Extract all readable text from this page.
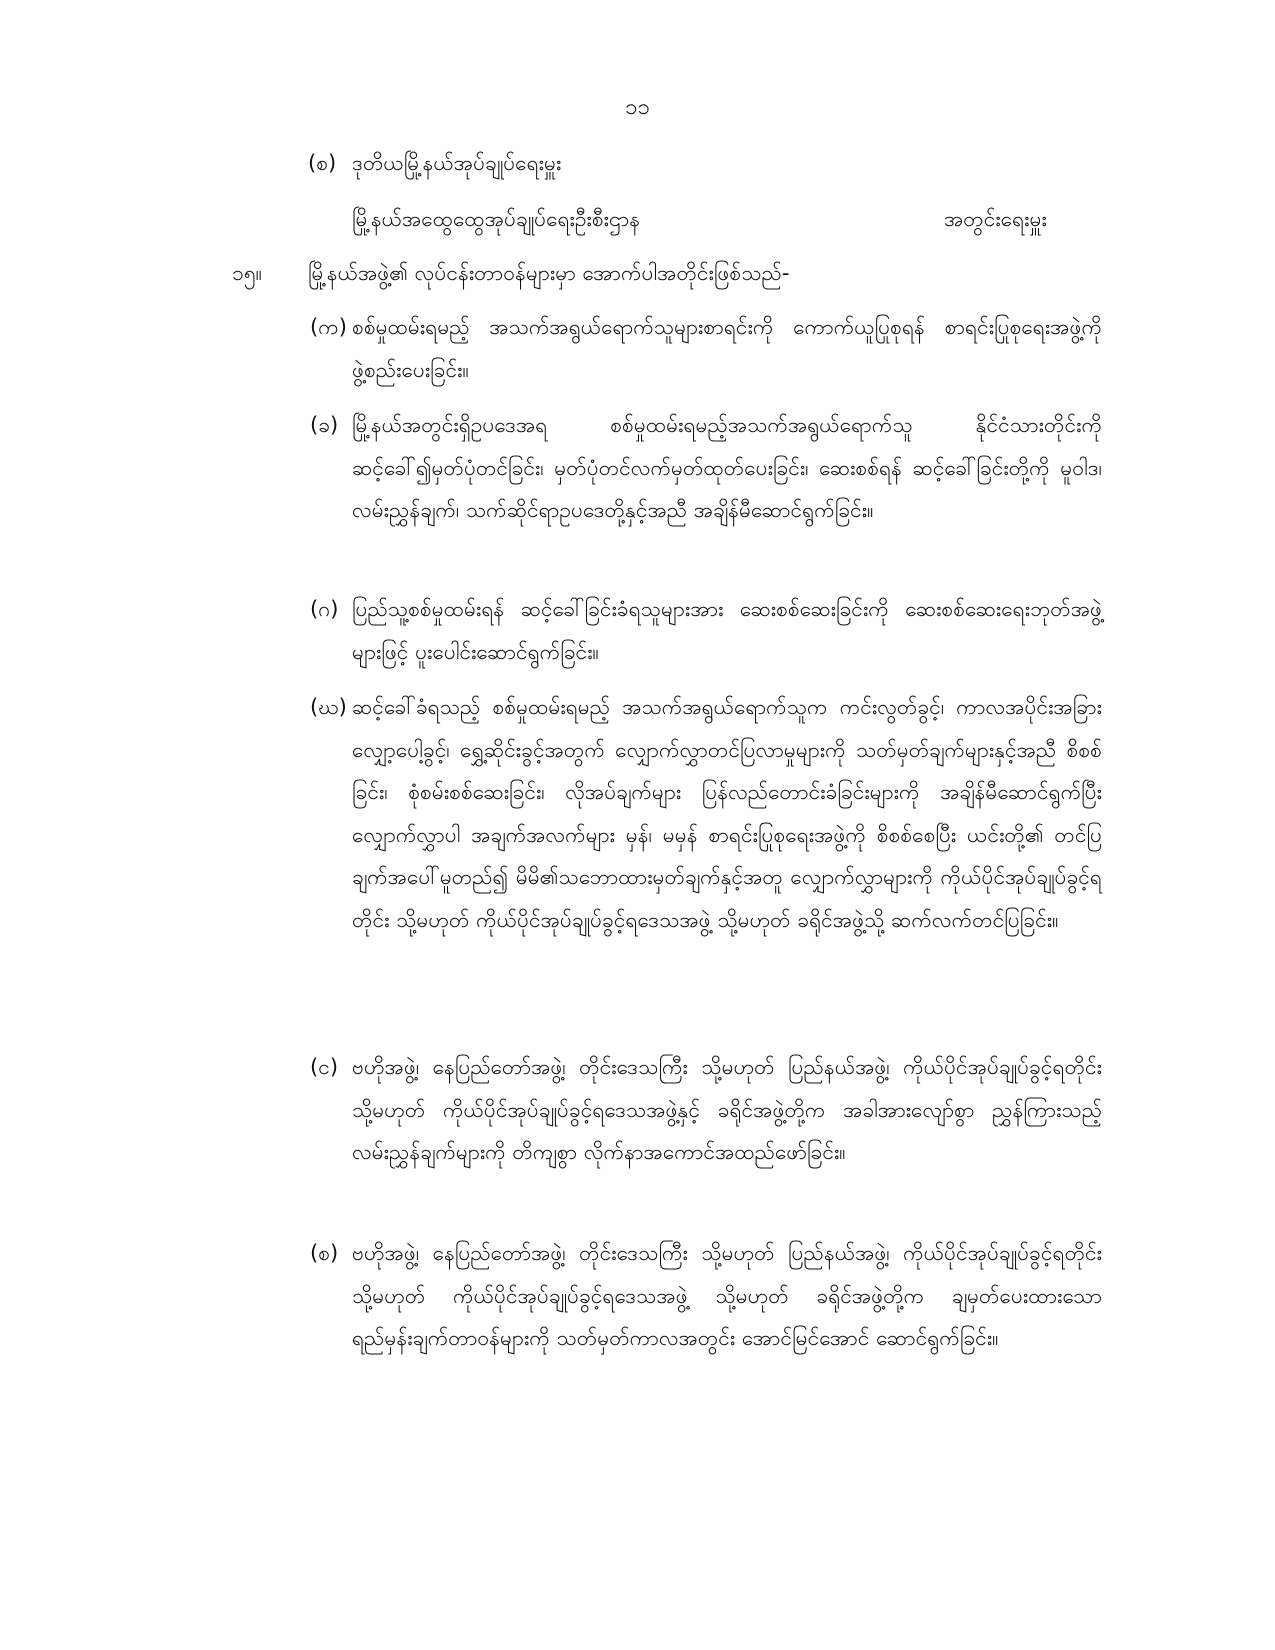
၁၁
(စ) ဒုတိယမြို့နယ်အုပ်ချုပ်ရေးမှူး
မြို့နယ်အထွေထွေအုပ်ချုပ်ရေးဦးစီးဌာန	အတွင်းရေးမှူး
၁၅။ မြို့နယ်အဖွဲ့၏ လုပ်ငန်းတာဝန်များမှာ အောက်ပါအတိုင်းဖြစ်သည်-
(က) စစ်မှုထမ်းရမည့် အသက်အရွယ်ရောက်သူများစာရင်းကို ကောက်ယူပြုစုရန် စာရင်းပြုစုရေးအဖွဲ့ကို ဖွဲ့စည်းပေးခြင်း။
(ခ) မြို့နယ်အတွင်းရှိဥပဒေအရ စစ်မှုထမ်းရမည့်အသက်အရွယ်ရောက်သူ နိုင်ငံသားတိုင်းကို ဆင့်ခေါ်၍မှတ်ပုံတင်ခြင်း၊ မှတ်ပုံတင်လက်မှတ်ထုတ်ပေးခြင်း၊ ဆေးစစ်ရန် ဆင့်ခေါ်ခြင်းတို့ကို မူဝါဒ၊ လမ်းညွှန်ချက်၊ သက်ဆိုင်ရာဥပဒေတို့နှင့်အညီ အချိန်မီဆောင်ရွက်ခြင်း။
(ဂ) ပြည်သူ့စစ်မှုထမ်းရန် ဆင့်ခေါ်ခြင်းခံရသူများအား ဆေးစစ်ဆေးခြင်းကို ဆေးစစ်ဆေးရေးဘုတ်အဖွဲ့များဖြင့် ပူးပေါင်းဆောင်ရွက်ခြင်း။
(ဃ) ဆင့်ခေါ်ခံရသည့် စစ်မှုထမ်းရမည့် အသက်အရွယ်ရောက်သူက ကင်းလွတ်ခွင့်၊ ကာလအပိုင်းအခြားလျှော့ပေါ့ခွင့်၊ ရွှေ့ဆိုင်းခွင့်အတွက် လျှောက်လွှာတင်ပြလာမှုများကို သတ်မှတ်ချက်များနှင့်အညီ စိစစ်ခြင်း၊ စုံစမ်းစစ်ဆေးခြင်း၊ လိုအပ်ချက်များ ပြန်လည်တောင်းခံခြင်းများကို အချိန်မီဆောင်ရွက်ပြီး လျှောက်လွှာပါ အချက်အလက်များ မှန်၊ မမှန် စာရင်းပြုစုရေးအဖွဲ့ကို စိစစ်စေပြီး ယင်းတို့၏ တင်ပြချက်အပေါ်မူတည်၍ မိမိ၏သဘောထားမှတ်ချက်နှင့်အတူ လျှောက်လွှာများကို ကိုယ်ပိုင်အုပ်ချုပ်ခွင့်ရတိုင်း သို့မဟုတ် ကိုယ်ပိုင်အုပ်ချုပ်ခွင့်ရဒေသအဖွဲ့ သို့မဟုတ် ခရိုင်အဖွဲ့သို့ ဆက်လက်တင်ပြခြင်း။
(င) ဗဟိုအဖွဲ့၊ နေပြည်တော်အဖွဲ့၊ တိုင်းဒေသကြီး သို့မဟုတ် ပြည်နယ်အဖွဲ့၊ ကိုယ်ပိုင်အုပ်ချုပ်ခွင့်ရတိုင်း သို့မဟုတ် ကိုယ်ပိုင်အုပ်ချုပ်ခွင့်ရဒေသအဖွဲ့နှင့် ခရိုင်အဖွဲ့တို့က အခါအားလျော်စွာ ညွှန်ကြားသည့်လမ်းညွှန်ချက်များကို တိကျစွာ လိုက်နာအကောင်အထည်ဖော်ခြင်း။
(စ) ဗဟိုအဖွဲ့၊ နေပြည်တော်အဖွဲ့၊ တိုင်းဒေသကြီး သို့မဟုတ် ပြည်နယ်အဖွဲ့၊ ကိုယ်ပိုင်အုပ်ချုပ်ခွင့်ရတိုင်း သို့မဟုတ် ကိုယ်ပိုင်အုပ်ချုပ်ခွင့်ရဒေသအဖွဲ့ သို့မဟုတ် ခရိုင်အဖွဲ့တို့က ချမှတ်ပေးထားသော ရည်မှန်းချက်တာဝန်များကို သတ်မှတ်ကာလအတွင်း အောင်မြင်အောင် ဆောင်ရွက်ခြင်း။
